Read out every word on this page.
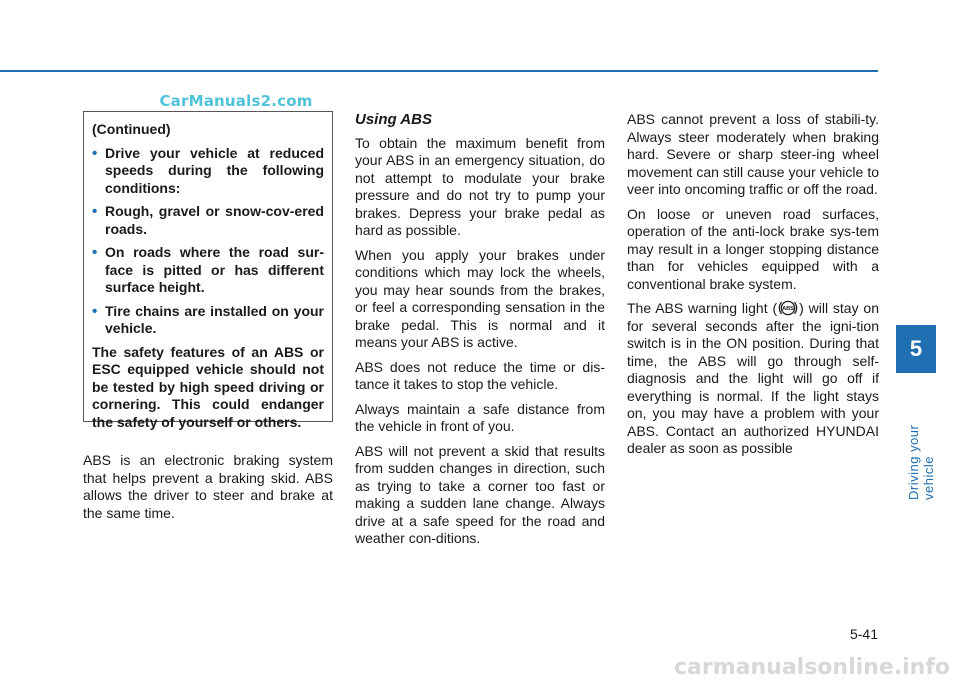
CarManuals2.com
(Continued)
• Drive your vehicle at reduced speeds during the following conditions:
• Rough, gravel or snow-cov-ered roads.
• On roads where the road sur-face is pitted or has different surface height.
• Tire chains are installed on your vehicle.
The safety features of an ABS or ESC equipped vehicle should not be tested by high speed driving or cornering. This could endanger the safety of yourself or others.

ABS is an electronic braking system that helps prevent a braking skid. ABS allows the driver to steer and brake at the same time.

Using ABS

To obtain the maximum benefit from your ABS in an emergency situation, do not attempt to modulate your brake pressure and do not try to pump your brakes. Depress your brake pedal as hard as possible.

When you apply your brakes under conditions which may lock the wheels, you may hear sounds from the brakes, or feel a corresponding sensation in the brake pedal. This is normal and it means your ABS is active.

ABS does not reduce the time or dis-tance it takes to stop the vehicle.

Always maintain a safe distance from the vehicle in front of you.

ABS will not prevent a skid that results from sudden changes in direction, such as trying to take a corner too fast or making a sudden lane change. Always drive at a safe speed for the road and weather con-ditions.

ABS cannot prevent a loss of stabili-ty. Always steer moderately when braking hard. Severe or sharp steer-ing wheel movement can still cause your vehicle to veer into oncoming traffic or off the road.

On loose or uneven road surfaces, operation of the anti-lock brake sys-tem may result in a longer stopping distance than for vehicles equipped with a conventional brake system.

The ABS warning light ( ABS ) will stay on for several seconds after the igni-tion switch is in the ON position. During that time, the ABS will go through self-diagnosis and the light will go off if everything is normal. If the light stays on, you may have a problem with your ABS. Contact an authorized HYUNDAI dealer as soon as possible

5
Driving your vehicle
5-41
carmanualsonline.info
